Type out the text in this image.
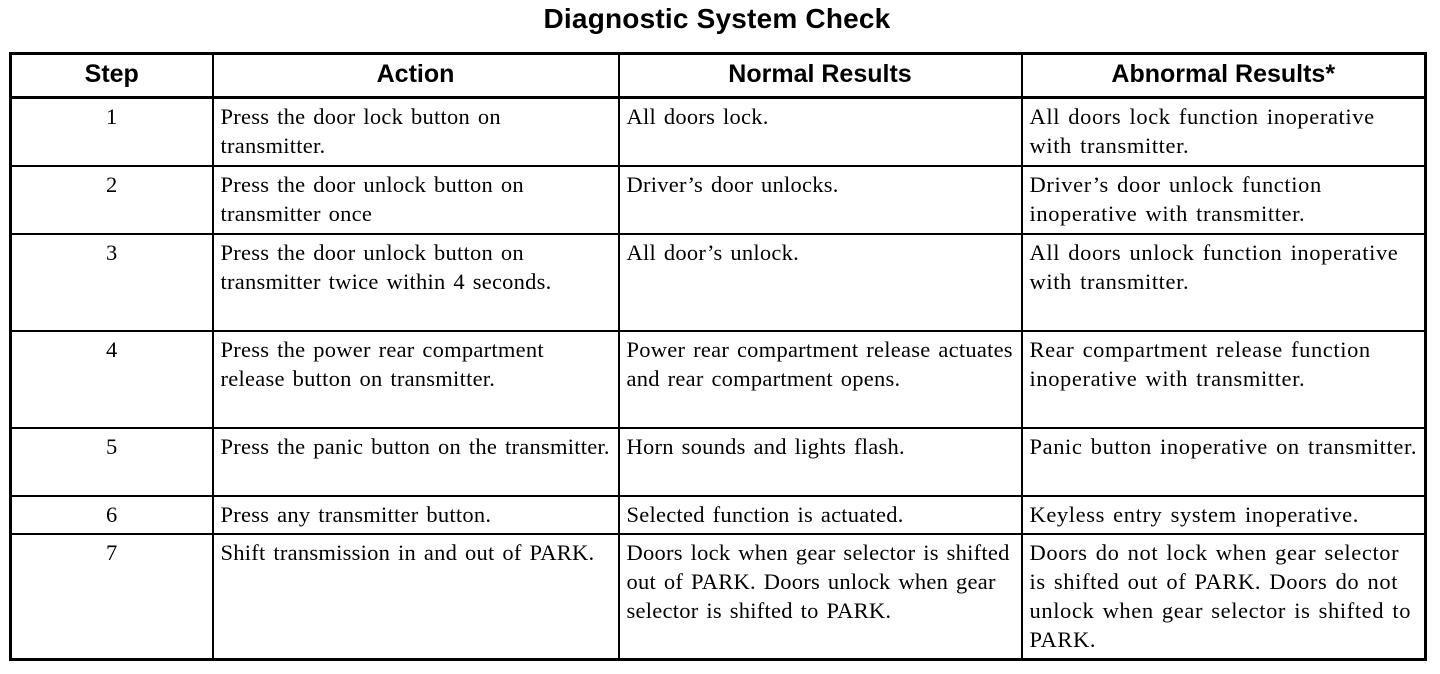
Diagnostic System Check
Step	Action	Normal Results	Abnormal Results*
1	Press the door lock button on transmitter.	All doors lock.	All doors lock function inoperative with transmitter.
2	Press the door unlock button on transmitter once	Driver’s door unlocks.	Driver’s door unlock function inoperative with transmitter.
3	Press the door unlock button on transmitter twice within 4 seconds.	All door’s unlock.	All doors unlock function inoperative with transmitter.
4	Press the power rear compartment release button on transmitter.	Power rear compartment release actuates and rear compartment opens.	Rear compartment release function inoperative with transmitter.
5	Press the panic button on the transmitter.	Horn sounds and lights flash.	Panic button inoperative on transmitter.
6	Press any transmitter button.	Selected function is actuated.	Keyless entry system inoperative.
7	Shift transmission in and out of PARK.	Doors lock when gear selector is shifted out of PARK. Doors unlock when gear selector is shifted to PARK.	Doors do not lock when gear selector is shifted out of PARK. Doors do not unlock when gear selector is shifted to PARK.
